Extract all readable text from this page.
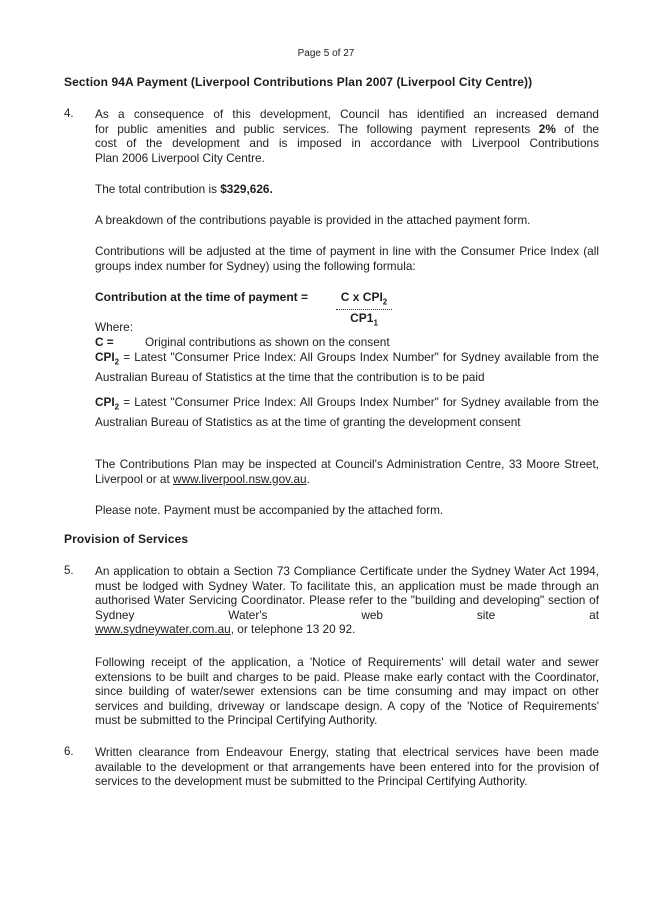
Page 5 of 27
Section 94A Payment (Liverpool Contributions Plan 2007 (Liverpool City Centre))
4. As a consequence of this development, Council has identified an increased demand
for public amenities and public services. The following payment represents 2% of the
cost of the development and is imposed in accordance with Liverpool Contributions
Plan 2006 Liverpool City Centre.
The total contribution is $329,626.
A breakdown of the contributions payable is provided in the attached payment form.
Contributions will be adjusted at the time of payment in line with the Consumer Price Index (all groups index number for Sydney) using the following formula:
Contribution at the time of payment =	C x $CPI_2$
$CP1_1$
Where:
C =	Original contributions as shown on the consent
$CPI_2$ = Latest "Consumer Price Index: All Groups Index Number" for Sydney available from the Australian Bureau of Statistics at the time that the contribution is to be paid
$CPI_2$ = Latest "Consumer Price Index: All Groups Index Number" for Sydney available from the Australian Bureau of Statistics as at the time of granting the development consent
The Contributions Plan may be inspected at Council's Administration Centre, 33 Moore Street, Liverpool or at www.liverpool.nsw.gov.au.
Please note. Payment must be accompanied by the attached form.
Provision of Services
5. An application to obtain a Section 73 Compliance Certificate under the Sydney Water Act 1994, must be lodged with Sydney Water. To facilitate this, an application must be made through an authorised Water Servicing Coordinator. Please refer to the "building and developing" section of Sydney Water's web site at
www.sydneywater.com.au, or telephone 13 20 92.
Following receipt of the application, a 'Notice of Requirements' will detail water and sewer extensions to be built and charges to be paid. Please make early contact with the Coordinator, since building of water/sewer extensions can be time consuming and may impact on other services and building, driveway or landscape design. A copy of the 'Notice of Requirements' must be submitted to the Principal Certifying Authority.
6. Written clearance from Endeavour Energy, stating that electrical services have been made available to the development or that arrangements have been entered into for the provision of services to the development must be submitted to the Principal Certifying Authority.
